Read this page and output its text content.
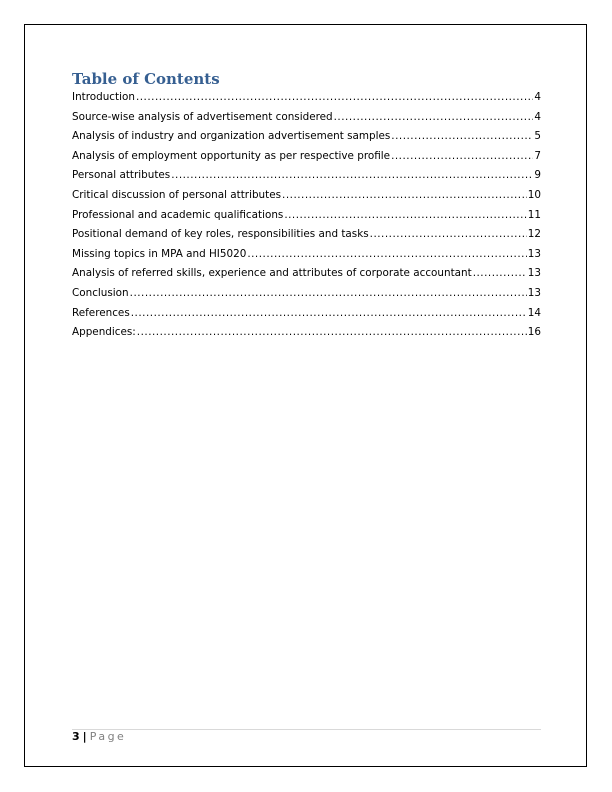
Table of Contents
Introduction .....	4
Source-wise analysis of advertisement considered .....	4
Analysis of industry and organization advertisement samples .....	5
Analysis of employment opportunity as per respective profile .....	7
Personal attributes .....	9
Critical discussion of personal attributes .....	10
Professional and academic qualifications .....	11
Positional demand of key roles, responsibilities and tasks .....	12
Missing topics in MPA and HI5020 .....	13
Analysis of referred skills, experience and attributes of corporate accountant .....	13
Conclusion .....	13
References .....	14
Appendices: .....	16
3 | Page
